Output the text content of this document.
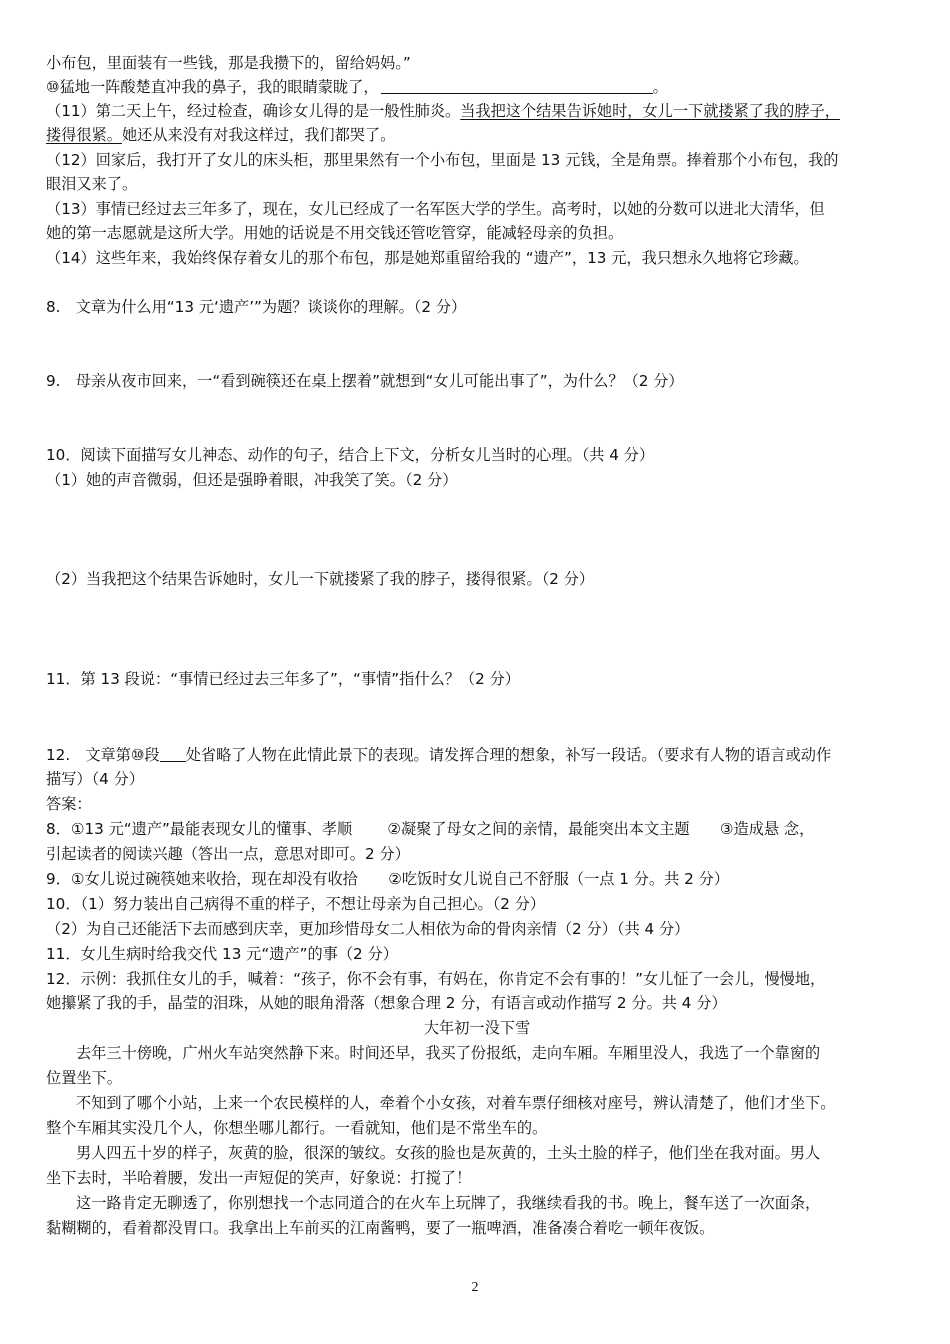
小布包，里面装有一些钱，那是我攒下的，留给妈妈。”
⑩猛地一阵酸楚直冲我的鼻子，我的眼睛蒙眬了，	。
（11）第二天上午，经过检查，确诊女儿得的是一般性肺炎。当我把这个结果告诉她时，女儿一下就搂紧了我的脖子，
搂得很紧。她还从来没有对我这样过，我们都哭了。
（12）回家后，我打开了女儿的床头柜，那里果然有一个小布包，里面是 13 元钱，全是角票。捧着那个小布包，我的
眼泪又来了。
（13）事情已经过去三年多了，现在，女儿已经成了一名军医大学的学生。高考时，以她的分数可以进北大清华，但
她的第一志愿就是这所大学。用她的话说是不用交钱还管吃管穿，能减轻母亲的负担。
（14）这些年来，我始终保存着女儿的那个布包，那是她郑重留给我的 “遗产”，13 元，我只想永久地将它珍藏。
8.　文章为什么用“13 元‘遗产’”为题？谈谈你的理解。（2 分）
9.　母亲从夜市回来，一“看到碗筷还在桌上摆着”就想到“女儿可能出事了”，为什么？（2 分）
10．阅读下面描写女儿神态、动作的句子，结合上下文，分析女儿当时的心理。（共 4 分）
（1）她的声音微弱，但还是强睁着眼，冲我笑了笑。（2 分）
（2）当我把这个结果告诉她时，女儿一下就搂紧了我的脖子，搂得很紧。（2 分）
11．第 13 段说：“事情已经过去三年多了”，“事情”指什么？（2 分）
12.　文章第⑩段 处省略了人物在此情此景下的表现。请发挥合理的想象，补写一段话。（要求有人物的语言或动作
描写）（4 分）
答案：
8．①13 元“遗产”最能表现女儿的懂事、孝顺　　 ②凝聚了母女之间的亲情，最能突出本文主题　　③造成悬 念，
引起读者的阅读兴趣（答出一点，意思对即可。2 分）
9．①女儿说过碗筷她来收拾，现在却没有收拾　　②吃饭时女儿说自己不舒服（一点 1 分。共 2 分）
10．（1）努力装出自己病得不重的样子，不想让母亲为自己担心。（2 分）
（2）为自己还能活下去而感到庆幸，更加珍惜母女二人相依为命的骨肉亲情（2 分）（共 4 分）
11．女儿生病时给我交代 13 元“遗产”的事（2 分）
12．示例：我抓住女儿的手，喊着：“孩子，你不会有事，有妈在，你肯定不会有事的！”女儿怔了一会儿，慢慢地，
她攥紧了我的手，晶莹的泪珠，从她的眼角滑落（想象合理 2 分，有语言或动作描写 2 分。共 4 分）
大年初一没下雪
去年三十傍晚，广州火车站突然静下来。时间还早，我买了份报纸，走向车厢。车厢里没人，我选了一个靠窗的
位置坐下。
不知到了哪个小站，上来一个农民模样的人，牵着个小女孩，对着车票仔细核对座号，辨认清楚了，他们才坐下。
整个车厢其实没几个人，你想坐哪儿都行。一看就知，他们是不常坐车的。
男人四五十岁的样子，灰黄的脸，很深的皱纹。女孩的脸也是灰黄的，土头土脸的样子，他们坐在我对面。男人
坐下去时，半哈着腰，发出一声短促的笑声，好象说：打搅了！
这一路肯定无聊透了，你别想找一个志同道合的在火车上玩牌了，我继续看我的书。晚上，餐车送了一次面条，
黏糊糊的，看着都没胃口。我拿出上车前买的江南酱鸭，要了一瓶啤酒，准备凑合着吃一顿年夜饭。
2
